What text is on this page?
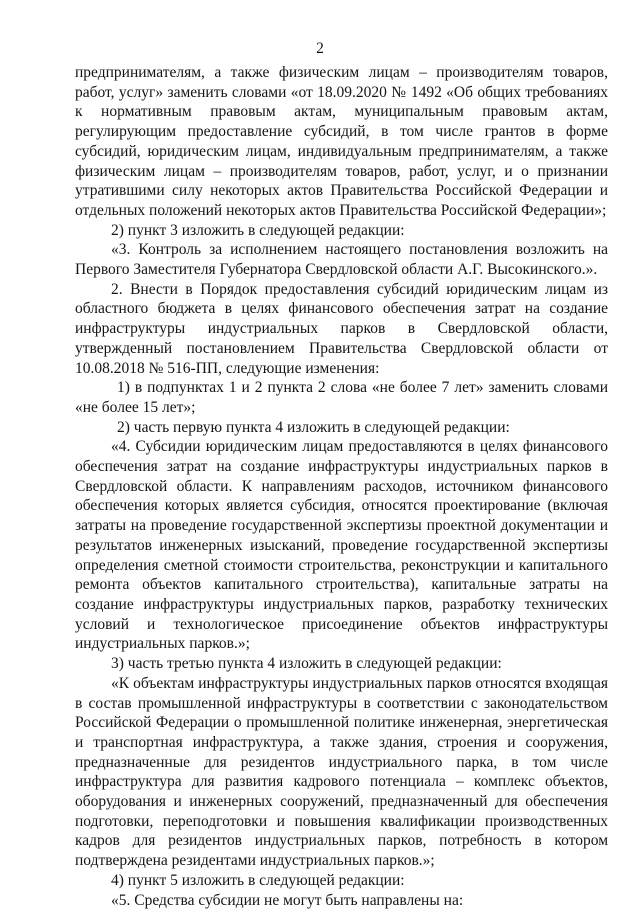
2

предпринимателям, а также физическим лицам – производителям товаров, работ, услуг» заменить словами «от 18.09.2020 № 1492 «Об общих требованиях к нормативным правовым актам, муниципальным правовым актам, регулирующим предоставление субсидий, в том числе грантов в форме субсидий, юридическим лицам, индивидуальным предпринимателям, а также физическим лицам – производителям товаров, работ, услуг, и о признании утратившими силу некоторых актов Правительства Российской Федерации и отдельных положений некоторых актов Правительства Российской Федерации»;

2) пункт 3 изложить в следующей редакции:

«3. Контроль за исполнением настоящего постановления возложить на Первого Заместителя Губернатора Свердловской области А.Г. Высокинского.».

2. Внести в Порядок предоставления субсидий юридическим лицам из областного бюджета в целях финансового обеспечения затрат на создание инфраструктуры индустриальных парков в Свердловской области, утвержденный постановлением Правительства Свердловской области от 10.08.2018 № 516-ПП, следующие изменения:

1) в подпунктах 1 и 2 пункта 2 слова «не более 7 лет» заменить словами «не более 15 лет»;

2) часть первую пункта 4 изложить в следующей редакции:

«4. Субсидии юридическим лицам предоставляются в целях финансового обеспечения затрат на создание инфраструктуры индустриальных парков в Свердловской области. К направлениям расходов, источником финансового обеспечения которых является субсидия, относятся проектирование (включая затраты на проведение государственной экспертизы проектной документации и результатов инженерных изысканий, проведение государственной экспертизы определения сметной стоимости строительства, реконструкции и капитального ремонта объектов капитального строительства), капитальные затраты на создание инфраструктуры индустриальных парков, разработку технических условий и технологическое присоединение объектов инфраструктуры индустриальных парков.»;

3) часть третью пункта 4 изложить в следующей редакции:

«К объектам инфраструктуры индустриальных парков относятся входящая в состав промышленной инфраструктуры в соответствии с законодательством Российской Федерации о промышленной политике инженерная, энергетическая и транспортная инфраструктура, а также здания, строения и сооружения, предназначенные для резидентов индустриального парка, в том числе инфраструктура для развития кадрового потенциала – комплекс объектов, оборудования и инженерных сооружений, предназначенный для обеспечения подготовки, переподготовки и повышения квалификации производственных кадров для резидентов индустриальных парков, потребность в котором подтверждена резидентами индустриальных парков.»;

4) пункт 5 изложить в следующей редакции:

«5. Средства субсидии не могут быть направлены на:
